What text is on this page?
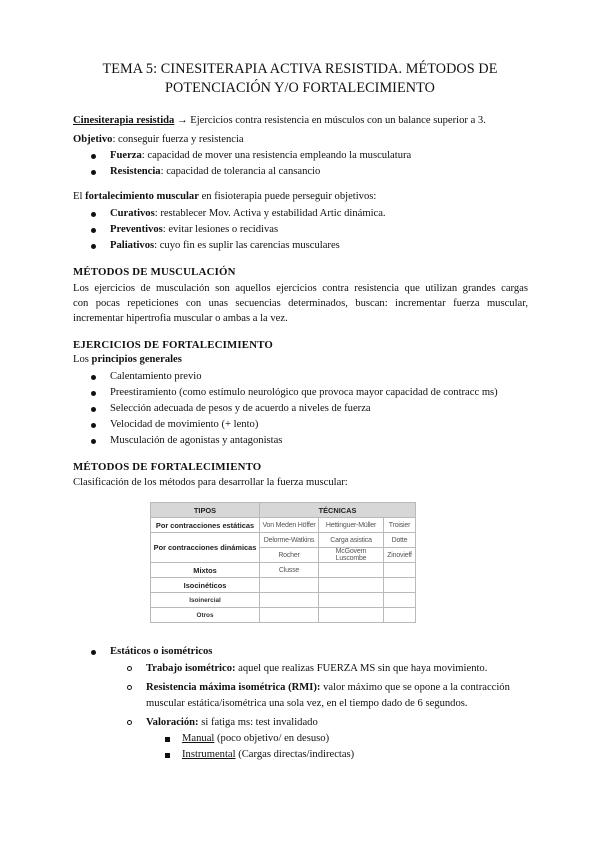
TEMA 5: CINESITERAPIA ACTIVA RESISTIDA. MÉTODOS DE
POTENCIACIÓN Y/O FORTALECIMIENTO
Cinesiterapia resistida → Ejercicios contra resistencia en músculos con un balance superior a 3.
Objetivo: conseguir fuerza y resistencia
Fuerza: capacidad de mover una resistencia empleando la musculatura
Resistencia: capacidad de tolerancia al cansancio
El fortalecimiento muscular en fisioterapia puede perseguir objetivos:
Curativos: restablecer Mov. Activa y estabilidad Artic dinámica.
Preventivos: evitar lesiones o recidivas
Paliativos: cuyo fin es suplir las carencias musculares
MÉTODOS DE MUSCULACIÓN
Los ejercicios de musculación son aquellos ejercicios contra resistencia que utilizan grandes cargas
con pocas repeticiones con unas secuencias determinados, buscan: incrementar fuerza muscular,
incrementar hipertrofia muscular o ambas a la vez.
EJERCICIOS DE FORTALECIMIENTO
Los principios generales
Calentamiento previo
Preestiramiento (como estímulo neurológico que provoca mayor capacidad de contracc ms)
Selección adecuada de pesos y de acuerdo a niveles de fuerza
Velocidad de movimiento (+ lento)
Musculación de agonistas y antagonistas
MÉTODOS DE FORTALECIMIENTO
Clasificación de los métodos para desarrollar la fuerza muscular:
TIPOS	TÉCNICAS		
Por contracciones estáticas	Von Meden Höffer	Hettinguer-Müller	Troisier
Por contracciones dinámicas	Delorme-Watkins	Carga asistica	Dotte
	Rocher	McGovern Luscombe	Zinovieff
Mixtos	Clusse		
Isocinéticos			
Isoinercial			
Otros			
Estáticos o isométricos
Trabajo isométrico: aquel que realizas FUERZA MS sin que haya movimiento.
Resistencia máxima isométrica (RMI): valor máximo que se opone a la contracción
muscular estática/isométrica una sola vez, en el tiempo dado de 6 segundos.
Valoración: si fatiga ms: test invalidado
Manual (poco objetivo/ en desuso)
Instrumental (Cargas directas/indirectas)
